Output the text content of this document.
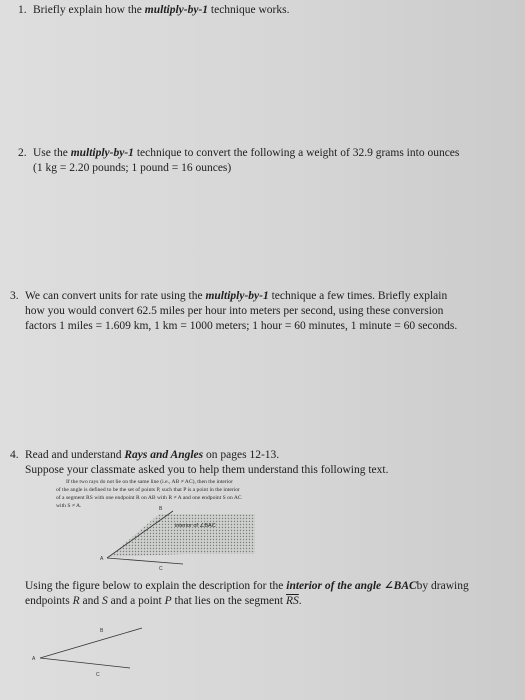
1. Briefly explain how the multiply-by-1 technique works.
2. Use the multiply-by-1 technique to convert the following a weight of 32.9 grams into ounces
(1 kg = 2.20 pounds; 1 pound = 16 ounces)
3. We can convert units for rate using the multiply-by-1 technique a few times. Briefly explain
how you would convert 62.5 miles per hour into meters per second, using these conversion
factors 1 miles = 1.609 km, 1 km = 1000 meters; 1 hour = 60 minutes, 1 minute = 60 seconds.
4. Read and understand Rays and Angles on pages 12-13.
Suppose your classmate asked you to help them understand this following text.
If the two rays do not lie on the same line (i.e., AB ≠ AC), then the interior
of the angle is defined to be the set of points P, such that P is a point in the interior
of a segment RS with one endpoint R on AB with R ≠ A and one endpoint S on AC
with S ≠ A.
A
B
C
interior of ∠BAC
Using the figure below to explain the description for the interior of the angle ∠BACby drawing
endpoints R and S and a point P that lies on the segment $\overline{RS}$.
A
B
C
